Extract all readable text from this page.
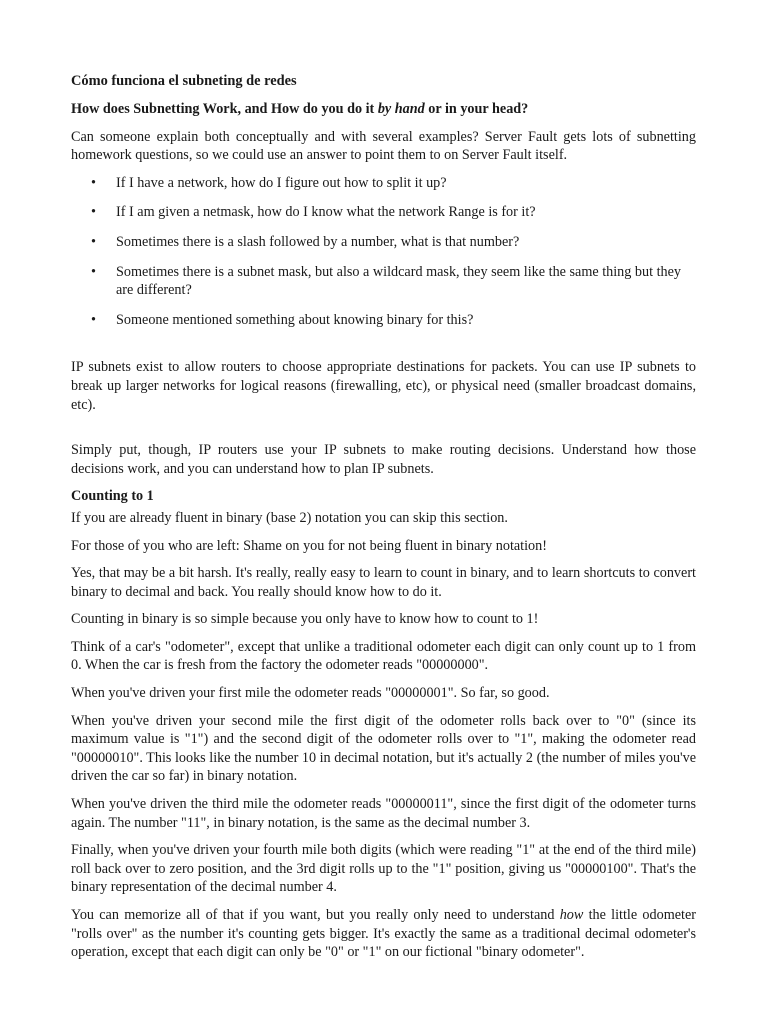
Cómo funciona el subneting de redes
How does Subnetting Work, and How do you do it by hand or in your head?

Can someone explain both conceptually and with several examples? Server Fault gets lots of subnetting homework questions, so we could use an answer to point them to on Server Fault itself.

• If I have a network, how do I figure out how to split it up?
• If I am given a netmask, how do I know what the network Range is for it?
• Sometimes there is a slash followed by a number, what is that number?
• Sometimes there is a subnet mask, but also a wildcard mask, they seem like the same thing but they are different?
• Someone mentioned something about knowing binary for this?

IP subnets exist to allow routers to choose appropriate destinations for packets. You can use IP subnets to break up larger networks for logical reasons (firewalling, etc), or physical need (smaller broadcast domains, etc).

Simply put, though, IP routers use your IP subnets to make routing decisions. Understand how those decisions work, and you can understand how to plan IP subnets.

Counting to 1

If you are already fluent in binary (base 2) notation you can skip this section.

For those of you who are left: Shame on you for not being fluent in binary notation!

Yes, that may be a bit harsh. It's really, really easy to learn to count in binary, and to learn shortcuts to convert binary to decimal and back. You really should know how to do it.

Counting in binary is so simple because you only have to know how to count to 1!

Think of a car's "odometer", except that unlike a traditional odometer each digit can only count up to 1 from 0. When the car is fresh from the factory the odometer reads "00000000".

When you've driven your first mile the odometer reads "00000001". So far, so good.

When you've driven your second mile the first digit of the odometer rolls back over to "0" (since its maximum value is "1") and the second digit of the odometer rolls over to "1", making the odometer read "00000010". This looks like the number 10 in decimal notation, but it's actually 2 (the number of miles you've driven the car so far) in binary notation.

When you've driven the third mile the odometer reads "00000011", since the first digit of the odometer turns again. The number "11", in binary notation, is the same as the decimal number 3.

Finally, when you've driven your fourth mile both digits (which were reading "1" at the end of the third mile) roll back over to zero position, and the 3rd digit rolls up to the "1" position, giving us "00000100". That's the binary representation of the decimal number 4.

You can memorize all of that if you want, but you really only need to understand how the little odometer "rolls over" as the number it's counting gets bigger. It's exactly the same as a traditional decimal odometer's operation, except that each digit can only be "0" or "1" on our fictional "binary odometer".
